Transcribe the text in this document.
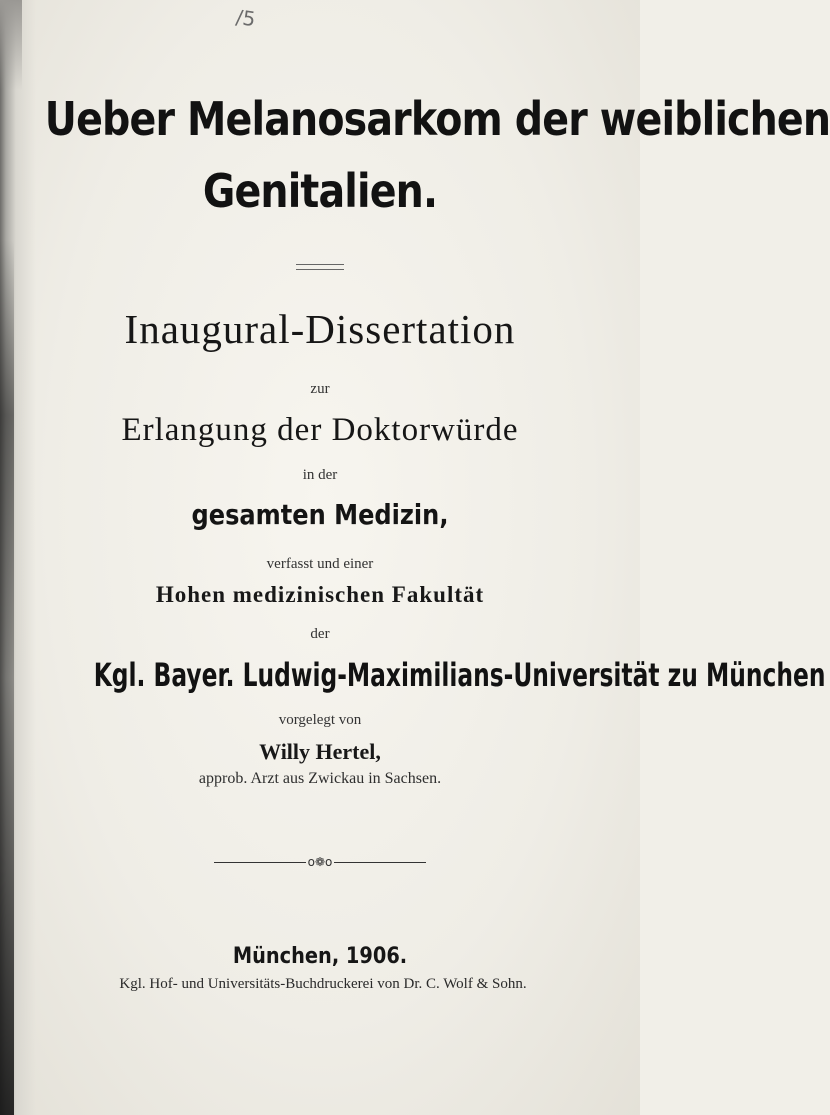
/5
Ueber Melanosarkom der weiblichen
Genitalien.
Inaugural-Dissertation
zur
Erlangung der Doktorwürde
in der
gesamten Medizin,
verfasst und einer
Hohen medizinischen Fakultät
der
Kgl. Bayer. Ludwig-Maximilians-Universität zu München
vorgelegt von
Willy Hertel,
approb. Arzt aus Zwickau in Sachsen.
o❁o
München, 1906.
Kgl. Hof- und Universitäts-Buchdruckerei von Dr. C. Wolf & Sohn.
